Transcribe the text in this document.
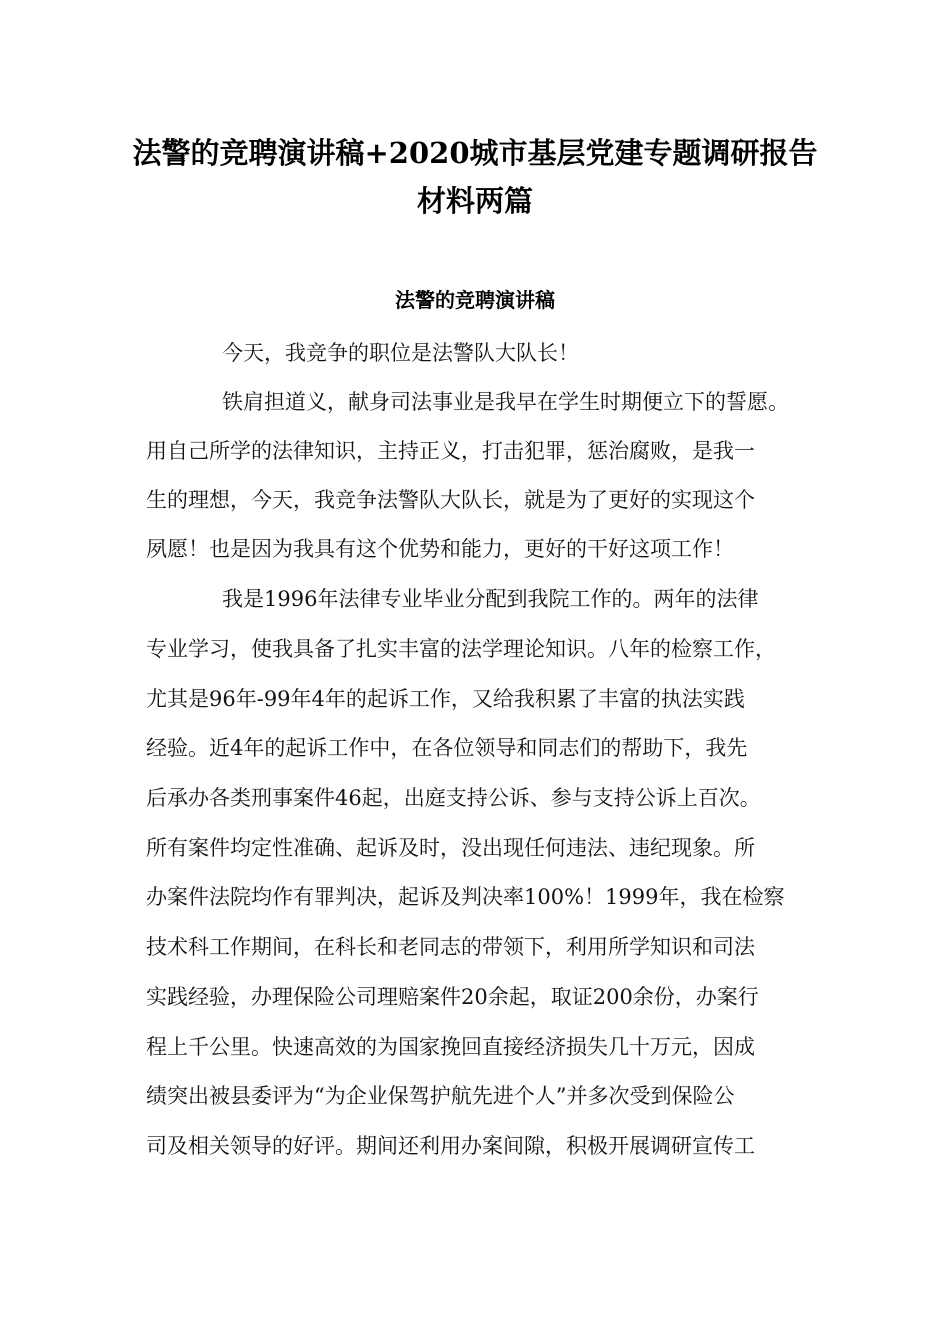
法警的竞聘演讲稿+2020城市基层党建专题调研报告
材料两篇
法警的竞聘演讲稿
今天，我竞争的职位是法警队大队长！
铁肩担道义，献身司法事业是我早在学生时期便立下的誓愿。
用自己所学的法律知识，主持正义，打击犯罪，惩治腐败，是我一
生的理想，今天，我竞争法警队大队长，就是为了更好的实现这个
夙愿！也是因为我具有这个优势和能力，更好的干好这项工作！
我是1996年法律专业毕业分配到我院工作的。两年的法律
专业学习，使我具备了扎实丰富的法学理论知识。八年的检察工作，
尤其是96年-99年4年的起诉工作，又给我积累了丰富的执法实践
经验。近4年的起诉工作中，在各位领导和同志们的帮助下，我先
后承办各类刑事案件46起，出庭支持公诉、参与支持公诉上百次。
所有案件均定性准确、起诉及时，没出现任何违法、违纪现象。所
办案件法院均作有罪判决，起诉及判决率100%！1999年，我在检察
技术科工作期间，在科长和老同志的带领下，利用所学知识和司法
实践经验，办理保险公司理赔案件20余起，取证200余份，办案行
程上千公里。快速高效的为国家挽回直接经济损失几十万元，因成
绩突出被县委评为“为企业保驾护航先进个人”并多次受到保险公
司及相关领导的好评。期间还利用办案间隙，积极开展调研宣传工
